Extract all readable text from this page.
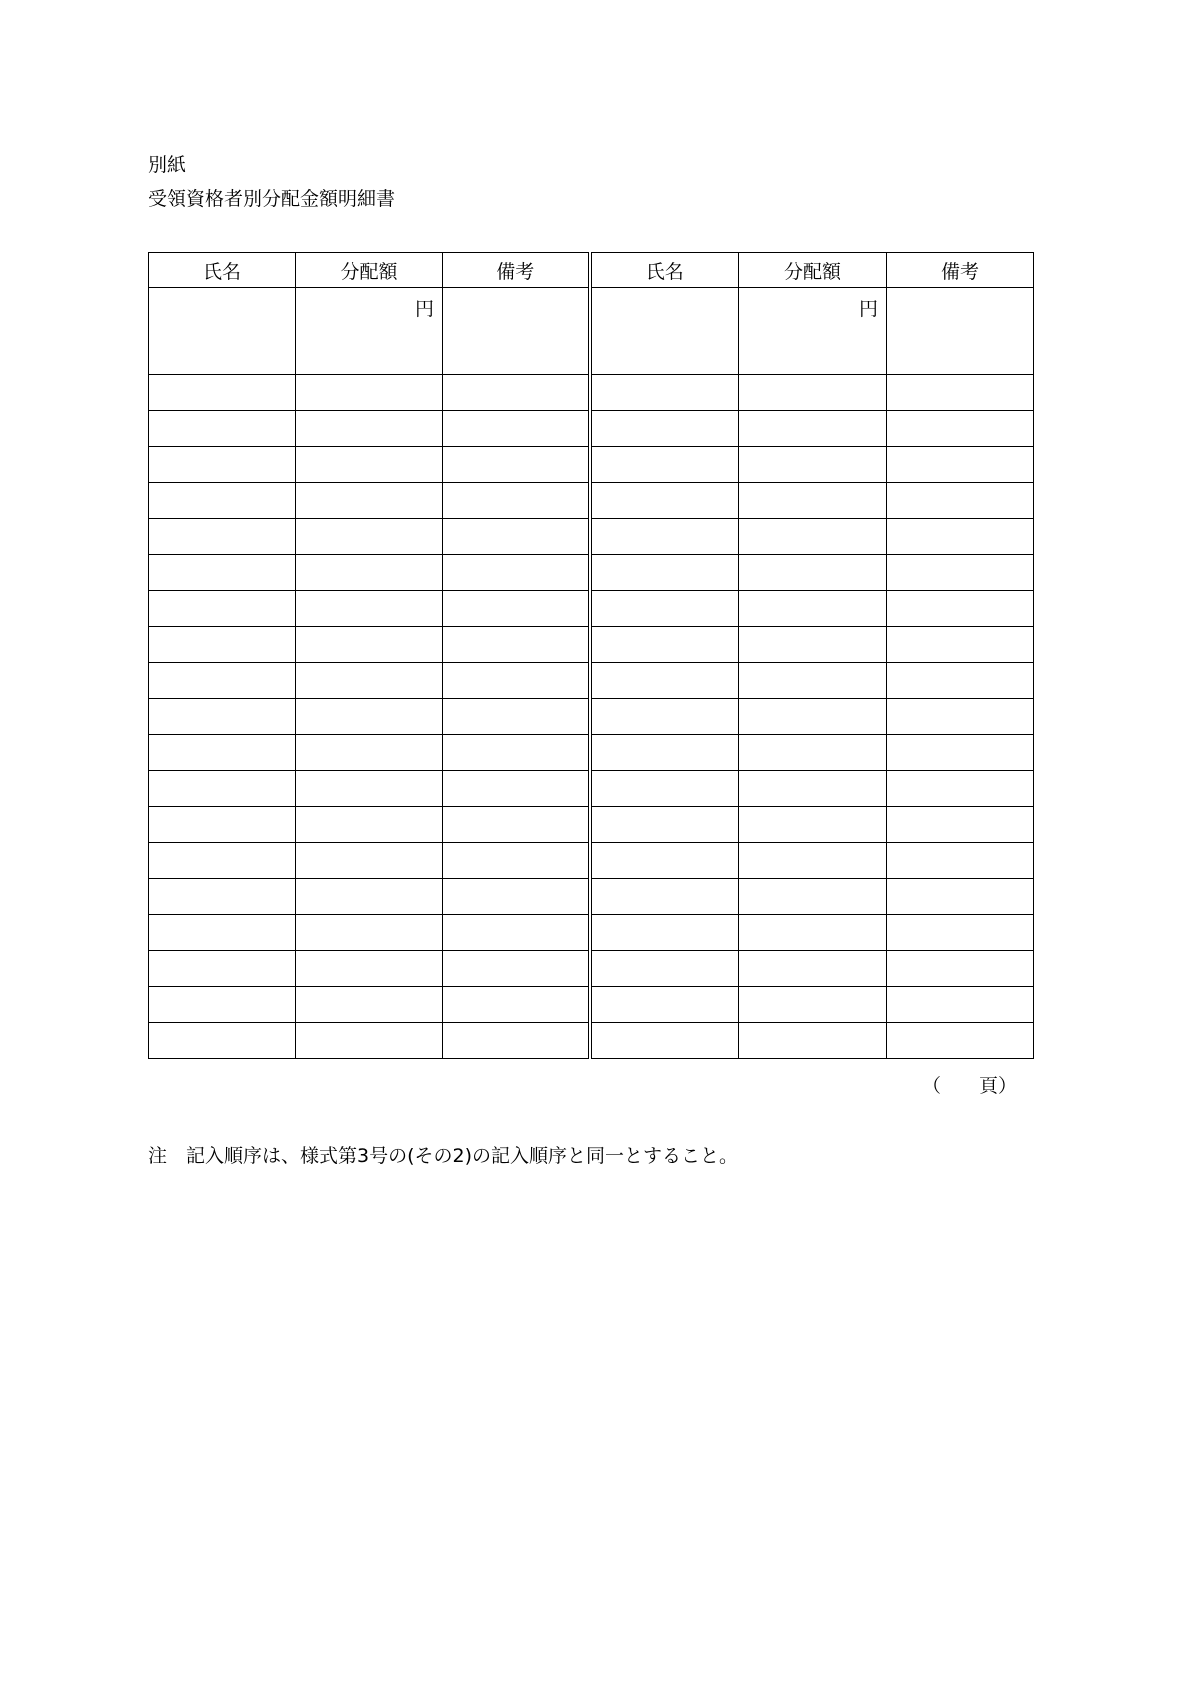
別紙
受領資格者別分配金額明細書
氏名	分配額	備考	氏名	分配額	備考
	円			円	

（　　頁）
注　記入順序は、様式第3号の(その2)の記入順序と同一とすること。
